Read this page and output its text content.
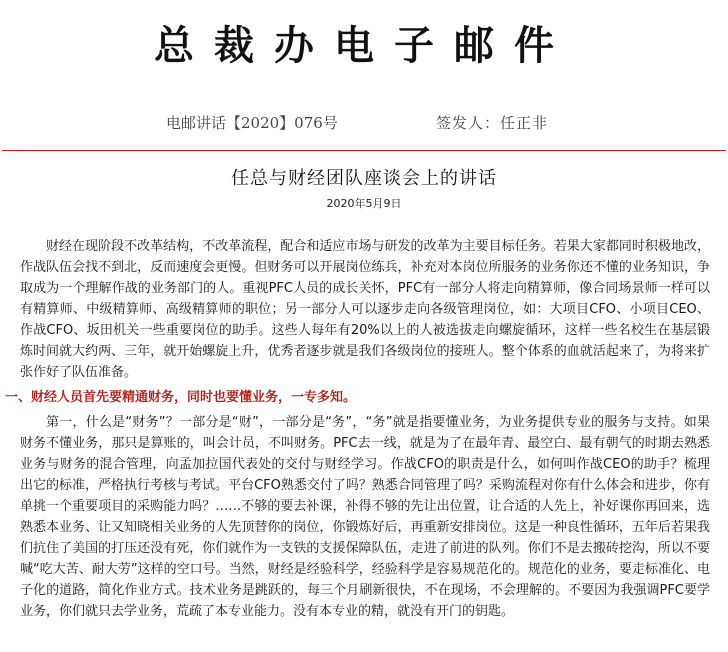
总裁办电子邮件
电邮讲话【2020】076号	签发人：任正非
任总与财经团队座谈会上的讲话
2020年5月9日

财经在现阶段不改革结构，不改革流程，配合和适应市场与研发的改革为主要目标任务。若果大家都同时积极地改，作战队伍会找不到北，反而速度会更慢。但财务可以开展岗位练兵，补充对本岗位所服务的业务你还不懂的业务知识，争取成为一个理解作战的业务部门的人。重视PFC人员的成长关怀，PFC有一部分人将走向精算师，像合同场景师一样可以有精算师、中级精算师、高级精算师的职位；另一部分人可以逐步走向各级管理岗位，如：大项目CFO、小项目CEO、作战CFO、坂田机关一些重要岗位的助手。这些人每年有20%以上的人被选拔走向螺旋循环，这样一些名校生在基层锻炼时间就大约两、三年，就开始螺旋上升，优秀者逐步就是我们各级岗位的接班人。整个体系的血就活起来了，为将来扩张作好了队伍准备。

一、财经人员首先要精通财务，同时也要懂业务，一专多知。

第一，什么是“财务”？一部分是“财”，一部分是“务”，“务”就是指要懂业务，为业务提供专业的服务与支持。如果财务不懂业务，那只是算账的，叫会计员，不叫财务。PFC去一线，就是为了在最年青、最空白、最有朝气的时期去熟悉业务与财务的混合管理，向孟加拉国代表处的交付与财经学习。作战CFO的职责是什么，如何叫作战CEO的助手？梳理出它的标准，严格执行考核与考试。平台CFO熟悉交付了吗？熟悉合同管理了吗？采购流程对你有什么体会和进步，你有单挑一个重要项目的采购能力吗？……不够的要去补课，补得不够的先让出位置，让合适的人先上，补好课你再回来，选熟悉本业务、让又知晓相关业务的人先顶替你的岗位，你锻炼好后，再重新安排岗位。这是一种良性循环，五年后若果我们抗住了美国的打压还没有死，你们就作为一支铁的支援保障队伍，走进了前进的队列。你们不是去搬砖挖沟，所以不要喊“吃大苦、耐大劳”这样的空口号。当然，财经是经验科学，经验科学是容易规范化的。规范化的业务，要走标准化、电子化的道路，简化作业方式。技术业务是跳跃的，每三个月刷新很快，不在现场，不会理解的。不要因为我强调PFC要学业务，你们就只去学业务，荒疏了本专业能力。没有本专业的精，就没有开门的钥匙。
